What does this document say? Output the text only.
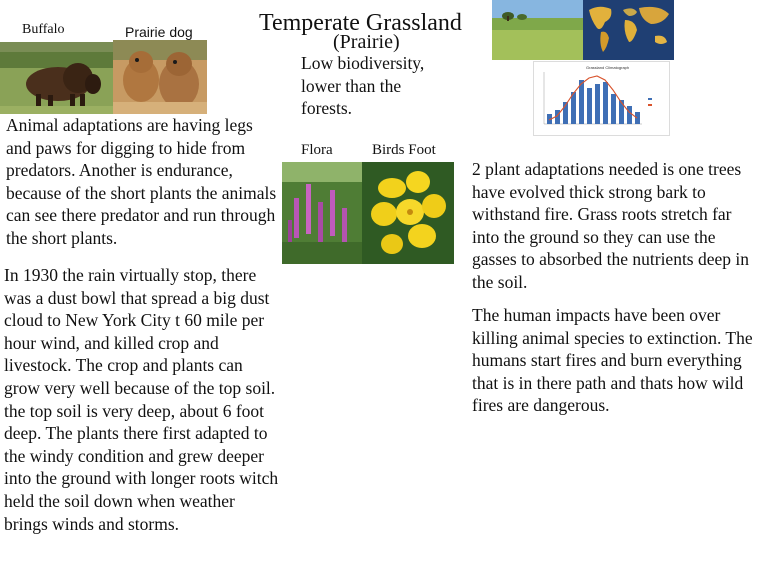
Buffalo	Prairie dog	Temperate Grassland
(Prairie)
Low biodiversity, lower than the forests.
Grassland Climatograph
Flora	Birds Foot
Animal adaptations are having legs and paws for digging to hide from predators. Another is endurance, because of the short plants the animals can see there predator and run through the short plants.
In 1930 the rain virtually stop, there was a dust bowl that spread a big dust cloud to New York City t 60 mile per hour wind, and killed crop and livestock. The crop and plants can grow very well because of the top soil. the top soil is very deep, about 6 foot deep. The plants there first adapted to the windy condition and grew deeper into the ground with longer roots witch held the soil down when weather brings winds and storms.
2 plant adaptations needed is one trees have evolved thick strong bark to withstand fire. Grass roots stretch far into the ground so they can use the gasses to absorbed the nutrients deep in the soil.
The human impacts have been over killing animal species to extinction. The humans start fires and burn everything that is in there path and thats how wild fires are dangerous.
